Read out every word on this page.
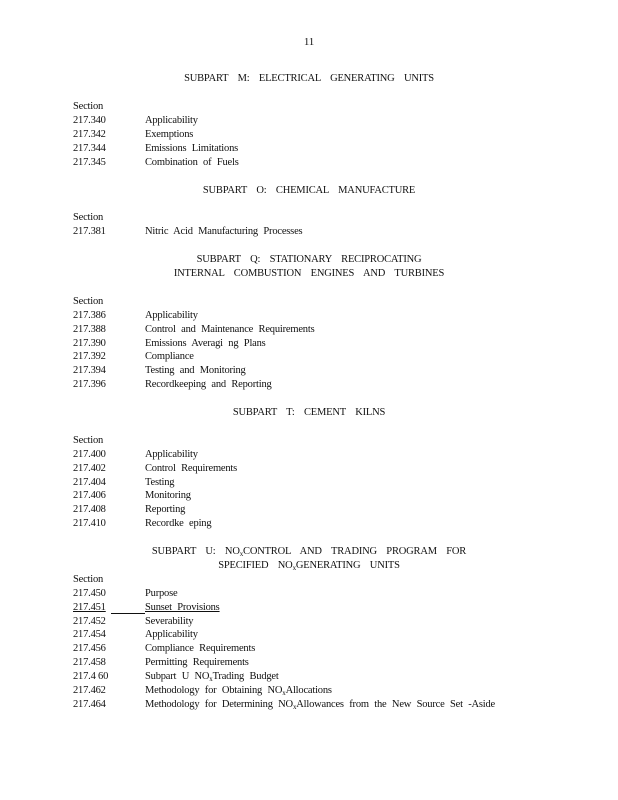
11
SUBPART M: ELECTRICAL GENERATING UNITS
Section
217.340	Applicability
217.342	Exemptions
217.344	Emissions Limitations
217.345	Combination of Fuels
SUBPART O: CHEMICAL MANUFACTURE
Section
217.381	Nitric Acid Manufacturing Processes
SUBPART Q: STATIONARY RECIPROCATING
INTERNAL COMBUSTION ENGINES AND TURBINES
Section
217.386	Applicability
217.388	Control and Maintenance Requirements
217.390	Emissions Averagi ng Plans
217.392	Compliance
217.394	Testing and Monitoring
217.396	Recordkeeping and Reporting
SUBPART T: CEMENT KILNS
Section
217.400	Applicability
217.402	Control Requirements
217.404	Testing
217.406	Monitoring
217.408	Reporting
217.410	Recordke eping
SUBPART U: $NO_xCONTROL$ AND TRADING PROGRAM FOR
SPECIFIED $NO_xGENERATING$ UNITS
Section
217.450	Purpose
217.451	Sunset Provisions
217.452	Severability
217.454	Applicability
217.456	Compliance Requirements
217.458	Permitting Requirements
217.4 60	Subpart U $NO_xTrading$ Budget
217.462	Methodology for Obtaining $NO_xAllocations$
217.464	Methodology for Determining $NO_xAllowances$ from the New Source Set -Aside
